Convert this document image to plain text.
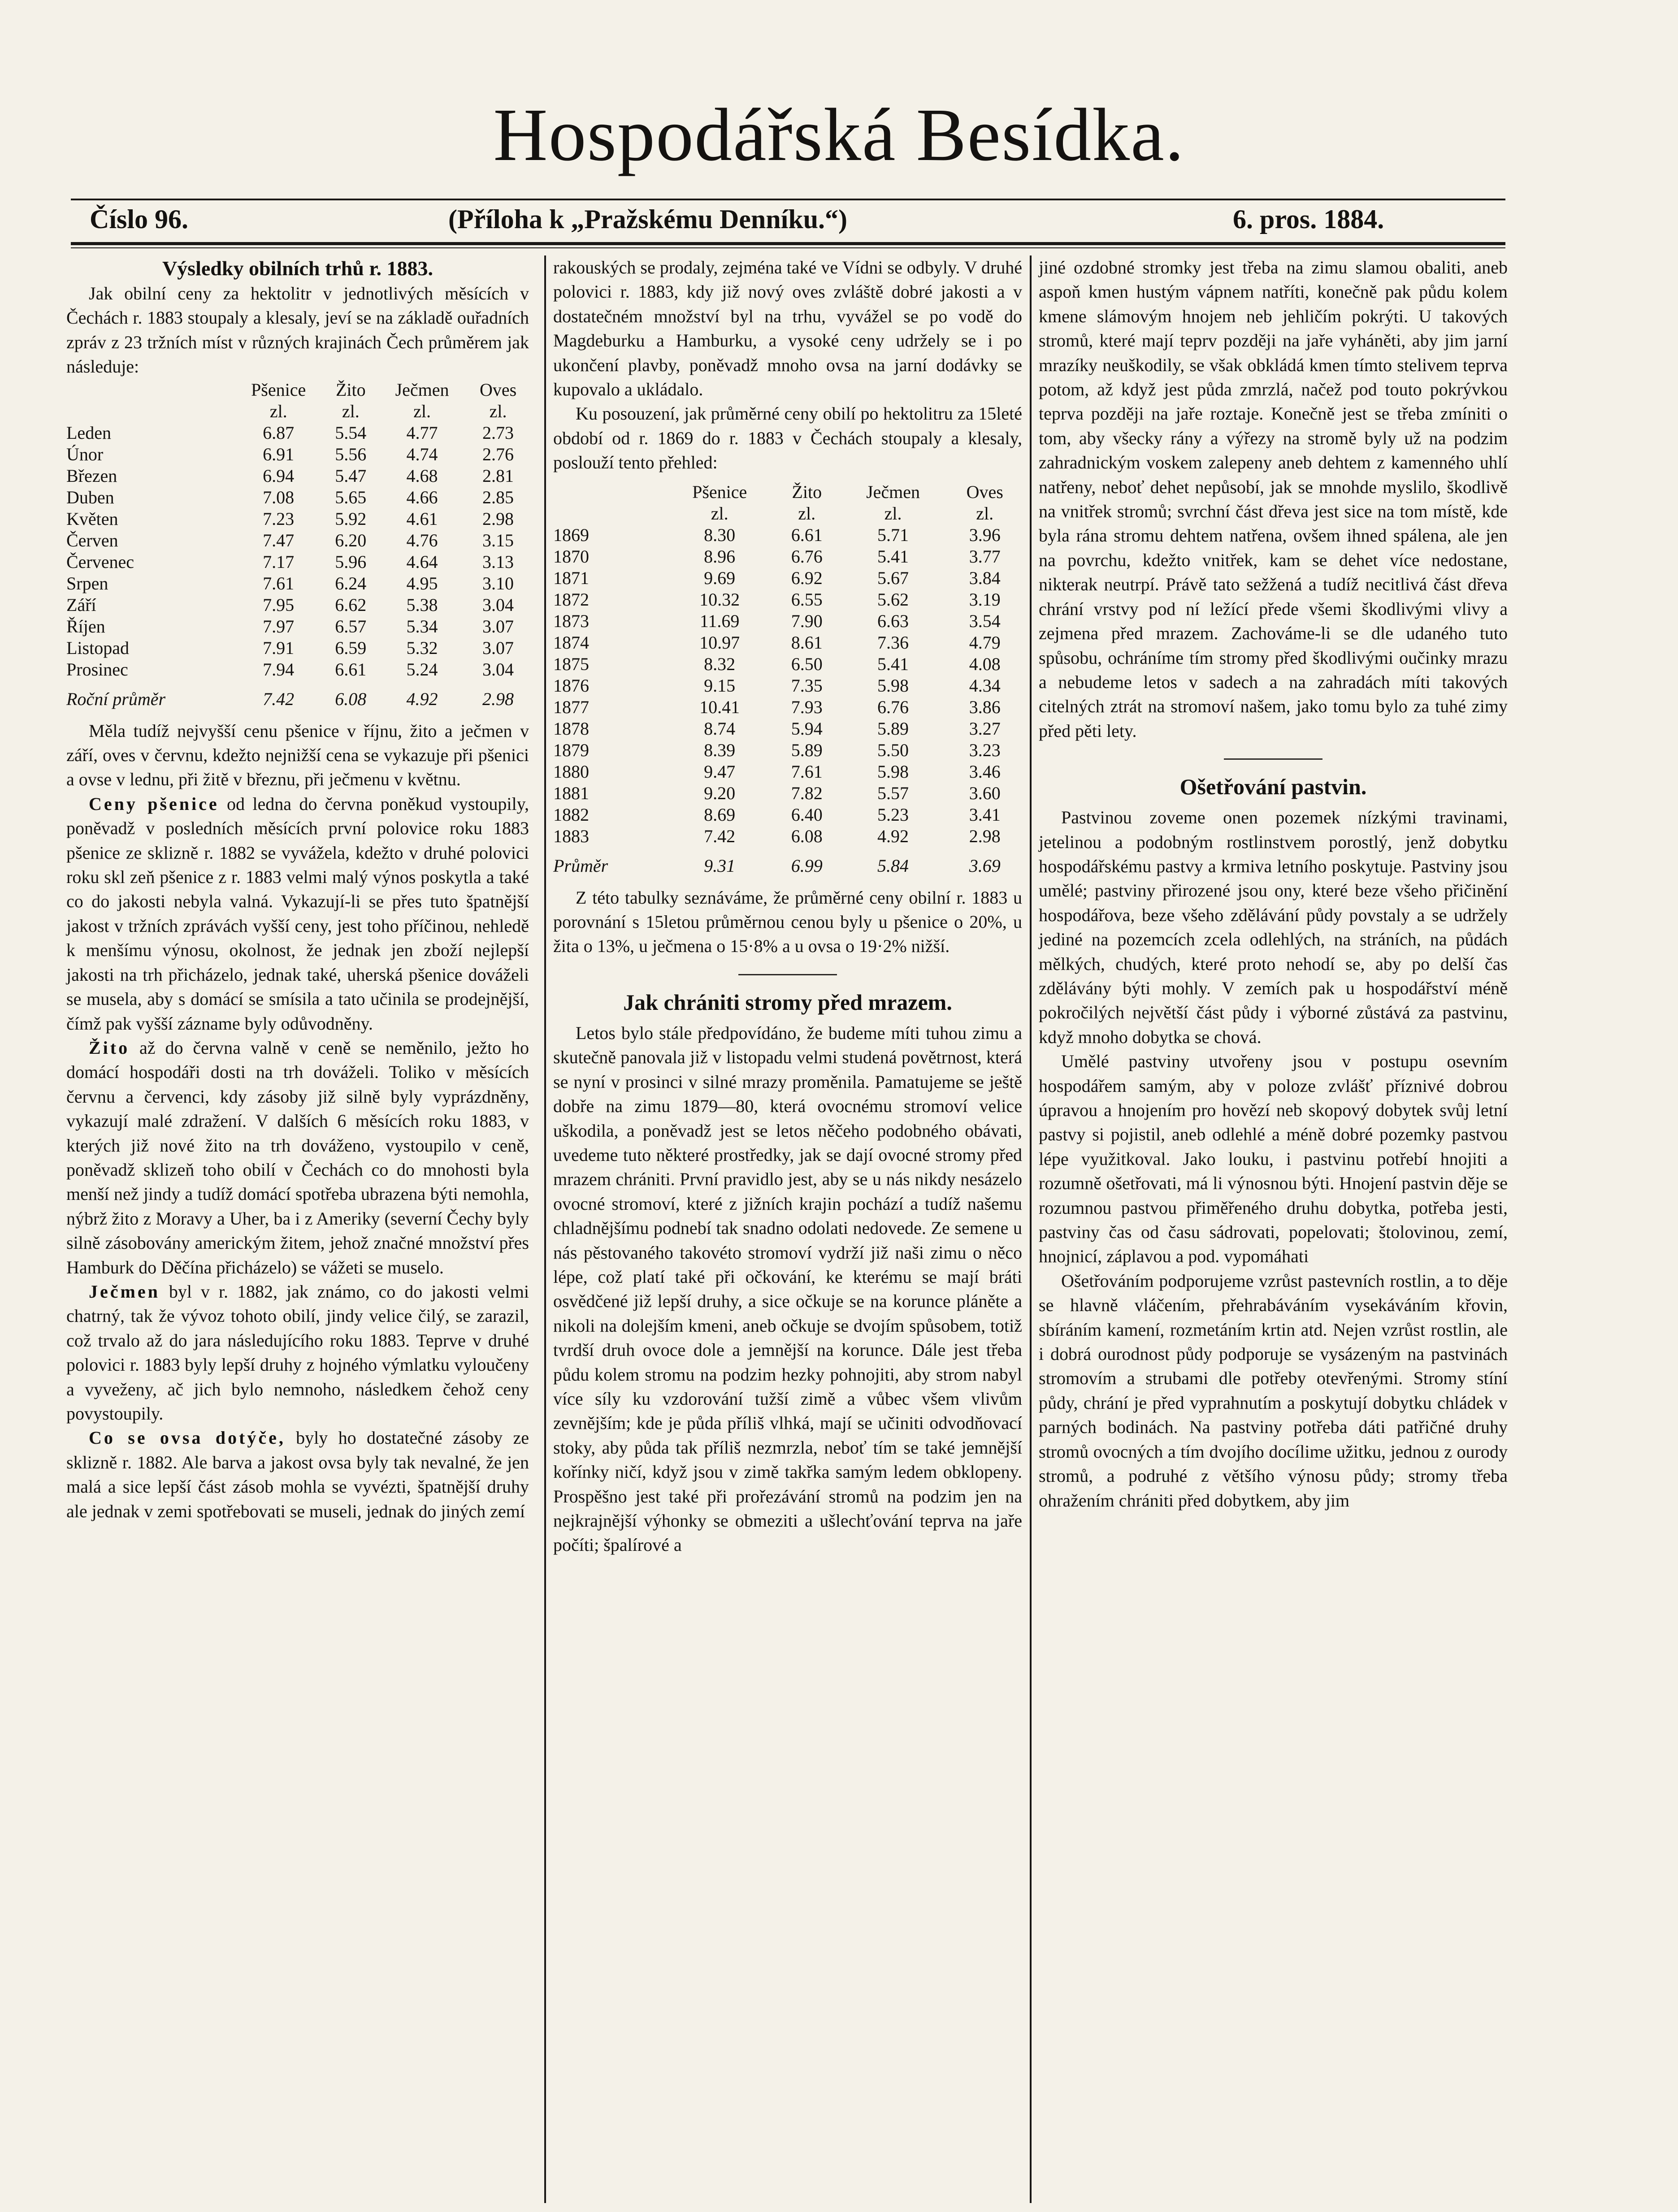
Hospodářská Besídka.
Číslo 96.	(Příloha k „Pražskému Denníku.“)	6. pros. 1884.
Výsledky obilních trhů r. 1883.

Jak obilní ceny za hektolitr v jednotlivých měsících v Čechách r. 1883 stoupaly a klesaly, jeví se na základě ouřadních zpráv z 23 tržních míst v různých krajinách Čech průměrem jak následuje:

	Pšenice	Žito	Ječmen	Oves
	zl.	zl.	zl.	zl.
Leden	6.87	5.54	4.77	2.73
Únor	6.91	5.56	4.74	2.76
Březen	6.94	5.47	4.68	2.81
Duben	7.08	5.65	4.66	2.85
Květen	7.23	5.92	4.61	2.98
Červen	7.47	6.20	4.76	3.15
Červenec	7.17	5.96	4.64	3.13
Srpen	7.61	6.24	4.95	3.10
Září	7.95	6.62	5.38	3.04
Říjen	7.97	6.57	5.34	3.07
Listopad	7.91	6.59	5.32	3.07
Prosinec	7.94	6.61	5.24	3.04
Roční průměr	7.42	6.08	4.92	2.98

Měla tudíž nejvyšší cenu pšenice v říjnu, žito a ječmen v září, oves v červnu, kdežto nejnižší cena se vykazuje při pšenici a ovse v lednu, při žitě v březnu, při ječmenu v květnu.

Ceny pšenice od ledna do června poněkud vystoupily, poněvadž v posledních měsících první polovice roku 1883 pšenice ze sklizně r. 1882 se vyvážela, kdežto v druhé polovici roku skl zeň pšenice z r. 1883 velmi malý výnos poskytla a také co do jakosti nebyla valná. Vykazují-li se přes tuto špatnější jakost v tržních zprávách vyšší ceny, jest toho příčinou, nehledě k menšímu výnosu, okolnost, že jednak jen zboží nejlepší jakosti na trh přicházelo, jednak také, uherská pšenice dováželi se musela, aby s domácí se smísila a tato učinila se prodejnější, čímž pak vyšší zázname byly odůvodněny.

Žito až do června valně v ceně se neměnilo, ježto ho domácí hospodáři dosti na trh dováželi. Toliko v měsících červnu a červenci, kdy zásoby již silně byly vyprázdněny, vykazují malé zdražení. V dalších 6 měsících roku 1883, v kterých již nové žito na trh dováženo, vystoupilo v ceně, poněvadž sklizeň toho obilí v Čechách co do mnohosti byla menší než jindy a tudíž domácí spotřeba ubrazena býti nemohla, nýbrž žito z Moravy a Uher, ba i z Ameriky (severní Čechy byly silně zásobovány americkým žitem, jehož značné množství přes Hamburk do Děčína přicházelo) se vážeti se muselo.

Ječmen byl v r. 1882, jak známo, co do jakosti velmi chatrný, tak že vývoz tohoto obilí, jindy velice čilý, se zarazil, což trvalo až do jara následujícího roku 1883. Teprve v druhé polovici r. 1883 byly lepší druhy z hojného výmlatku vyloučeny a vyveženy, ač jich bylo nemnoho, následkem čehož ceny povystoupily.

Co se ovsa dotýče, byly ho dostatečné zásoby ze sklizně r. 1882. Ale barva a jakost ovsa byly tak nevalné, že jen malá a sice lepší část zásob mohla se vyvézti, špatnější druhy ale jednak v zemi spotřebovati se museli, jednak do jiných zemí

rakouských se prodaly, zejména také ve Vídni se odbyly. V druhé polovici r. 1883, kdy již nový oves zvláště dobré jakosti a v dostatečném množství byl na trhu, vyvážel se po vodě do Magdeburku a Hamburku, a vysoké ceny udržely se i po ukončení plavby, poněvadž mnoho ovsa na jarní dodávky se kupovalo a ukládalo.

Ku posouzení, jak průměrné ceny obilí po hektolitru za 15leté období od r. 1869 do r. 1883 v Čechách stoupaly a klesaly, poslouží tento přehled:

	Pšenice	Žito	Ječmen	Oves
	zl.	zl.	zl.	zl.
1869	8.30	6.61	5.71	3.96
1870	8.96	6.76	5.41	3.77
1871	9.69	6.92	5.67	3.84
1872	10.32	6.55	5.62	3.19
1873	11.69	7.90	6.63	3.54
1874	10.97	8.61	7.36	4.79
1875	8.32	6.50	5.41	4.08
1876	9.15	7.35	5.98	4.34
1877	10.41	7.93	6.76	3.86
1878	8.74	5.94	5.89	3.27
1879	8.39	5.89	5.50	3.23
1880	9.47	7.61	5.98	3.46
1881	9.20	7.82	5.57	3.60
1882	8.69	6.40	5.23	3.41
1883	7.42	6.08	4.92	2.98
Průměr	9.31	6.99	5.84	3.69

Z této tabulky seznáváme, že průměrné ceny obilní r. 1883 u porovnání s 15letou průměrnou cenou byly u pšenice o 20%, u žita o 13%, u ječmena o 15·8% a u ovsa o 19·2% nižší.

Jak chrániti stromy před mrazem.

Letos bylo stále předpovídáno, že budeme míti tuhou zimu a skutečně panovala již v listopadu velmi studená povětrnost, která se nyní v prosinci v silné mrazy proměnila. Pamatujeme se ještě dobře na zimu 1879—80, která ovocnému stromoví velice uškodila, a poněvadž jest se letos něčeho podobného obávati, uvedeme tuto některé prostředky, jak se dají ovocné stromy před mrazem chrániti. První pravidlo jest, aby se u nás nikdy nesázelo ovocné stromoví, které z jižních krajin pochází a tudíž našemu chladnějšímu podnebí tak snadno odolati nedovede. Ze semene u nás pěstovaného takovéto stromoví vydrží již naši zimu o něco lépe, což platí také při očkování, ke kterému se mají bráti osvědčené již lepší druhy, a sice očkuje se na korunce pláněte a nikoli na dolejším kmeni, aneb očkuje se dvojím spůsobem, totiž tvrdší druh ovoce dole a jemnější na korunce. Dále jest třeba půdu kolem stromu na podzim hezky pohnojiti, aby strom nabyl více síly ku vzdorování tužší zimě a vůbec všem vlivům zevnějším; kde je půda příliš vlhká, mají se učiniti odvodňovací stoky, aby půda tak příliš nezmrzla, neboť tím se také jemnější kořínky ničí, když jsou v zimě takřka samým ledem obklopeny. Prospěšno jest také při prořezávání stromů na podzim jen na nejkrajnější výhonky se obmeziti a ušlechťování teprva na jaře počíti; špalírové a

jiné ozdobné stromky jest třeba na zimu slamou obaliti, aneb aspoň kmen hustým vápnem natříti, konečně pak půdu kolem kmene slámovým hnojem neb jehličím pokrýti. U takových stromů, které mají teprv později na jaře vyháněti, aby jim jarní mrazíky neuškodily, se však obkládá kmen tímto stelivem teprva potom, až když jest půda zmrzlá, načež pod touto pokrývkou teprva později na jaře roztaje. Konečně jest se třeba zmíniti o tom, aby všecky rány a výřezy na stromě byly už na podzim zahradnickým voskem zalepeny aneb dehtem z kamenného uhlí natřeny, neboť dehet nepůsobí, jak se mnohde myslilo, škodlivě na vnitřek stromů; svrchní část dřeva jest sice na tom místě, kde byla rána stromu dehtem natřena, ovšem ihned spálena, ale jen na povrchu, kdežto vnitřek, kam se dehet více nedostane, nikterak neutrpí. Právě tato sežžená a tudíž necitlivá část dřeva chrání vrstvy pod ní ležící přede všemi škodlivými vlivy a zejmena před mrazem. Zachováme-li se dle udaného tuto spůsobu, ochráníme tím stromy před škodlivými oučinky mrazu a nebudeme letos v sadech a na zahradách míti takových citelných ztrát na stromoví našem, jako tomu bylo za tuhé zimy před pěti lety.

Ošetřování pastvin.

Pastvinou zoveme onen pozemek nízkými travinami, jetelinou a podobným rostlinstvem porostlý, jenž dobytku hospodářskému pastvy a krmiva letního poskytuje. Pastviny jsou umělé; pastviny přirozené jsou ony, které beze všeho přičinění hospodářova, beze všeho zdělávání půdy povstaly a se udržely jediné na pozemcích zcela odlehlých, na stráních, na půdách mělkých, chudých, které proto nehodí se, aby po delší čas zdělávány býti mohly. V zemích pak u hospodářství méně pokročilých největší část půdy i výborné zůstává za pastvinu, když mnoho dobytka se chová.

Umělé pastviny utvořeny jsou v postupu osevním hospodářem samým, aby v poloze zvlášť příznivé dobrou úpravou a hnojením pro hovězí neb skopový dobytek svůj letní pastvy si pojistil, aneb odlehlé a méně dobré pozemky pastvou lépe využitkoval. Jako louku, i pastvinu potřebí hnojiti a rozumně ošetřovati, má li výnosnou býti. Hnojení pastvin děje se rozumnou pastvou přiměřeného druhu dobytka, potřeba jesti, pastviny čas od času sádrovati, popelovati; štolovinou, zemí, hnojnicí, záplavou a pod. vypomáhati

Ošetřováním podporujeme vzrůst pastevních rostlin, a to děje se hlavně vláčením, přehrabáváním vysekáváním křovin, sbíráním kamení, rozmetáním krtin atd. Nejen vzrůst rostlin, ale i dobrá ourodnost půdy podporuje se vysázeným na pastvinách stromovím a strubami dle potřeby otevřenými. Stromy stíní půdy, chrání je před vyprahnutím a poskytují dobytku chládek v parných bodinách. Na pastviny potřeba dáti patřičné druhy stromů ovocných a tím dvojího docílime užitku, jednou z ourody stromů, a podruhé z většího výnosu půdy; stromy třeba ohražením chrániti před dobytkem, aby jim
